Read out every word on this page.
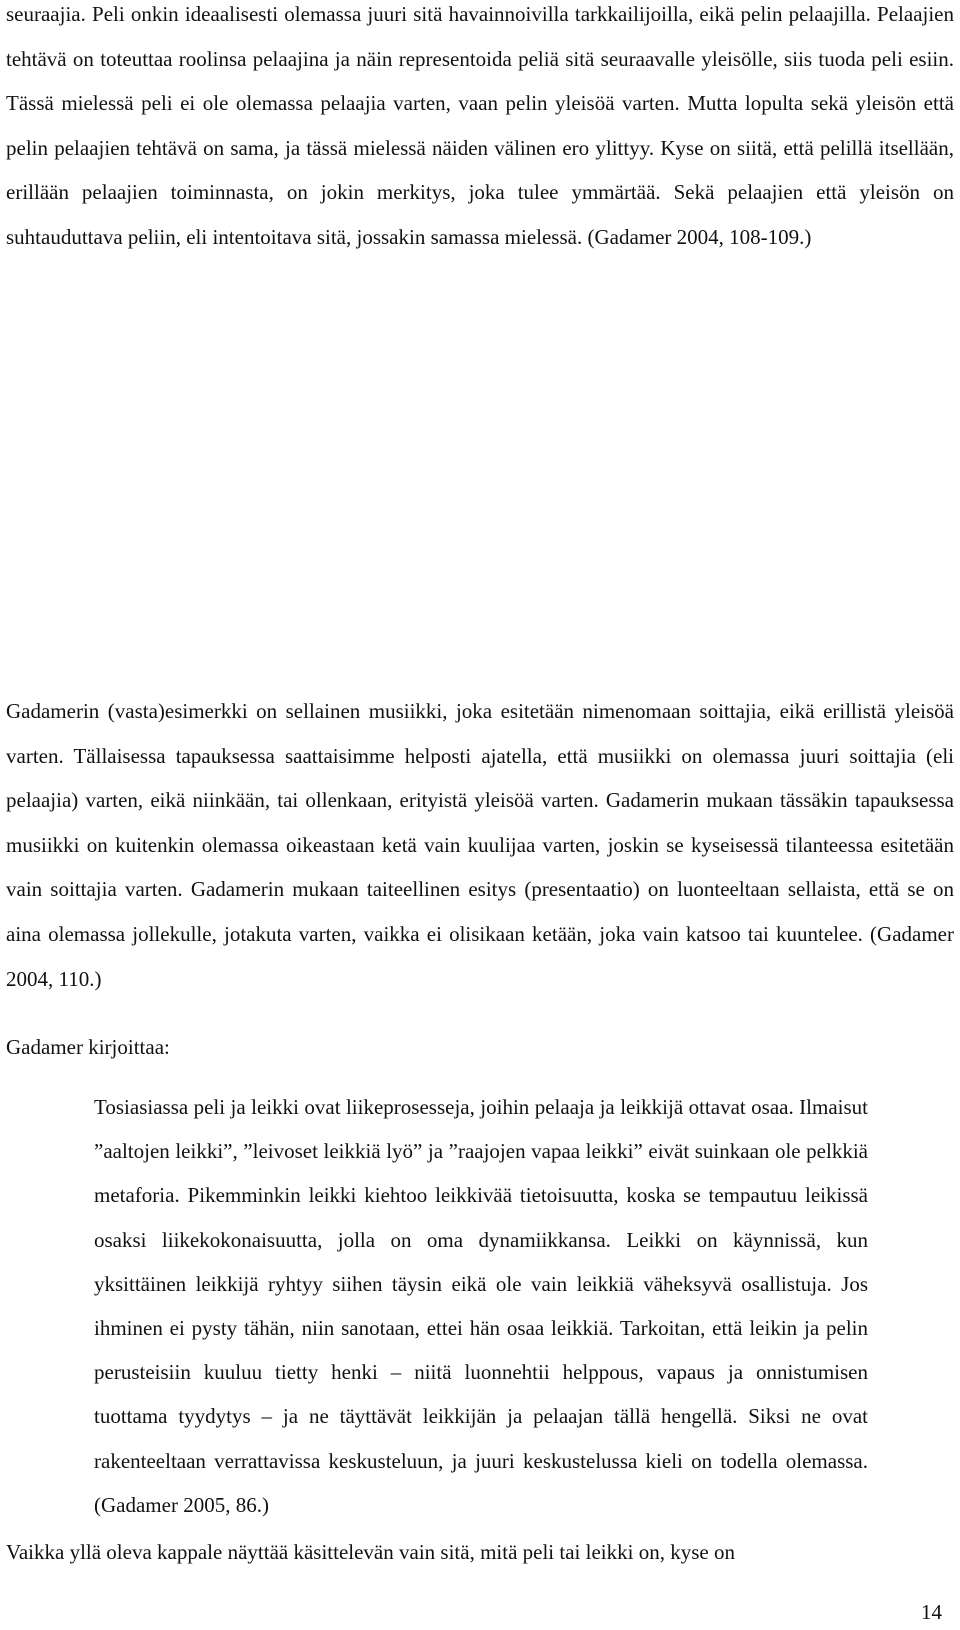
seuraajia. Peli onkin ideaalisesti olemassa juuri sitä havainnoivilla tarkkailijoilla, eikä pelin pelaajilla. Pelaajien tehtävä on toteuttaa roolinsa pelaajina ja näin representoida peliä sitä seuraavalle yleisölle, siis tuoda peli esiin. Tässä mielessä peli ei ole olemassa pelaajia varten, vaan pelin yleisöä varten. Mutta lopulta sekä yleisön että pelin pelaajien tehtävä on sama, ja tässä mielessä näiden välinen ero ylittyy. Kyse on siitä, että pelillä itsellään, erillään pelaajien toiminnasta, on jokin merkitys, joka tulee ymmärtää. Sekä pelaajien että yleisön on suhtauduttava peliin, eli intentoitava sitä, jossakin samassa mielessä. (Gadamer 2004, 108-109.)

Gadamerin (vasta)esimerkki on sellainen musiikki, joka esitetään nimenomaan soittajia, eikä erillistä yleisöä varten. Tällaisessa tapauksessa saattaisimme helposti ajatella, että musiikki on olemassa juuri soittajia (eli pelaajia) varten, eikä niinkään, tai ollenkaan, erityistä yleisöä varten. Gadamerin mukaan tässäkin tapauksessa musiikki on kuitenkin olemassa oikeastaan ketä vain kuulijaa varten, joskin se kyseisessä tilanteessa esitetään vain soittajia varten. Gadamerin mukaan taiteellinen esitys (presentaatio) on luonteeltaan sellaista, että se on aina olemassa jollekulle, jotakuta varten, vaikka ei olisikaan ketään, joka vain katsoo tai kuuntelee. (Gadamer 2004, 110.)

Gadamer kirjoittaa:

Tosiasiassa peli ja leikki ovat liikeprosesseja, joihin pelaaja ja leikkijä ottavat osaa. Ilmaisut ”aaltojen leikki”, ”leivoset leikkiä lyö” ja ”raajojen vapaa leikki” eivät suinkaan ole pelkkiä metaforia. Pikemminkin leikki kiehtoo leikkivää tietoisuutta, koska se tempautuu leikissä osaksi liikekokonaisuutta, jolla on oma dynamiikkansa. Leikki on käynnissä, kun yksittäinen leikkijä ryhtyy siihen täysin eikä ole vain leikkiä väheksyvä osallistuja. Jos ihminen ei pysty tähän, niin sanotaan, ettei hän osaa leikkiä. Tarkoitan, että leikin ja pelin perusteisiin kuuluu tietty henki – niitä luonnehtii helppous, vapaus ja onnistumisen tuottama tyydytys – ja ne täyttävät leikkijän ja pelaajan tällä hengellä. Siksi ne ovat rakenteeltaan verrattavissa keskusteluun, ja juuri keskustelussa kieli on todella olemassa. (Gadamer 2005, 86.)

Vaikka yllä oleva kappale näyttää käsittelevän vain sitä, mitä peli tai leikki on, kyse on

14
